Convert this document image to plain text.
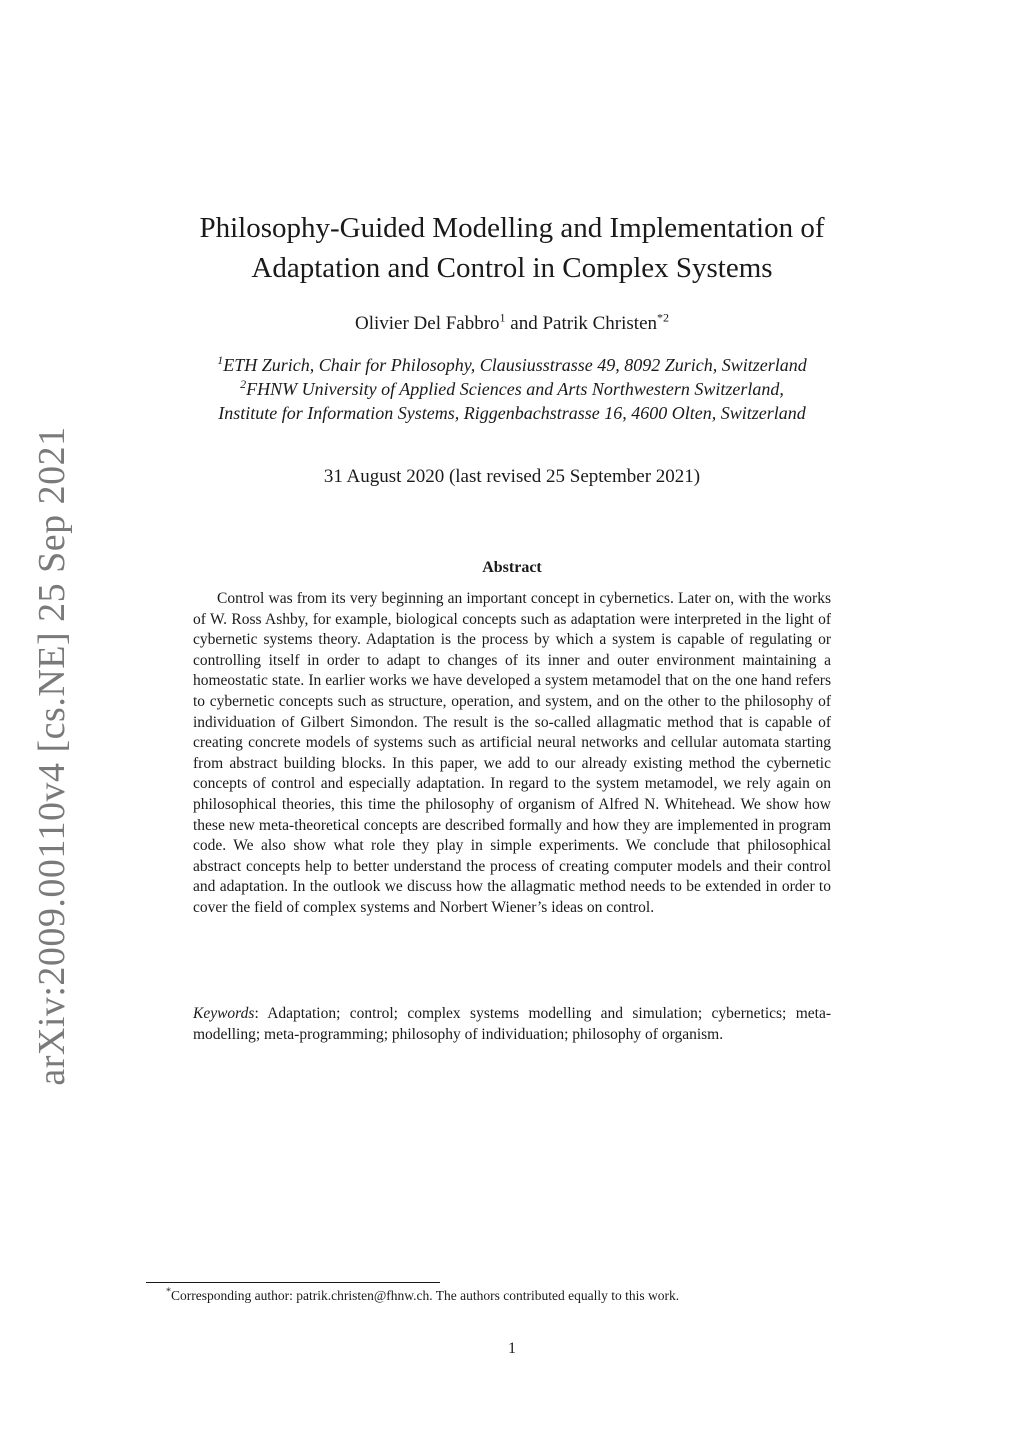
arXiv:2009.00110v4 [cs.NE] 25 Sep 2021
Philosophy-Guided Modelling and Implementation of
Adaptation and Control in Complex Systems
Olivier Del Fabbro$^1$ and Patrik Christen$^{*2}$
$^1$ETH Zurich, Chair for Philosophy, Clausiusstrasse 49, 8092 Zurich, Switzerland
$^2$FHNW University of Applied Sciences and Arts Northwestern Switzerland,
Institute for Information Systems, Riggenbachstrasse 16, 4600 Olten, Switzerland
31 August 2020 (last revised 25 September 2021)
Abstract

Control was from its very beginning an important concept in cybernetics. Later on, with the works of W. Ross Ashby, for example, biological concepts such as adaptation were interpreted in the light of cybernetic systems theory. Adaptation is the process by which a system is capable of regulating or controlling itself in order to adapt to changes of its inner and outer environment maintaining a homeostatic state. In earlier works we have developed a system metamodel that on the one hand refers to cybernetic concepts such as structure, operation, and system, and on the other to the philosophy of individuation of Gilbert Simondon. The result is the so-called allagmatic method that is capable of creating concrete models of systems such as artificial neural networks and cellular automata starting from abstract building blocks. In this paper, we add to our already existing method the cybernetic concepts of control and especially adaptation. In regard to the system metamodel, we rely again on philosophical theories, this time the philosophy of organism of Alfred N. Whitehead. We show how these new meta-theoretical concepts are described formally and how they are implemented in program code. We also show what role they play in simple experiments. We conclude that philosophical abstract concepts help to better understand the process of creating computer models and their control and adaptation. In the outlook we discuss how the allagmatic method needs to be extended in order to cover the field of complex systems and Norbert Wiener’s ideas on control.

Keywords: Adaptation; control; complex systems modelling and simulation; cybernetics; meta-modelling; meta-programming; philosophy of individuation; philosophy of organism.

*Corresponding author: patrik.christen@fhnw.ch. The authors contributed equally to this work.
1
